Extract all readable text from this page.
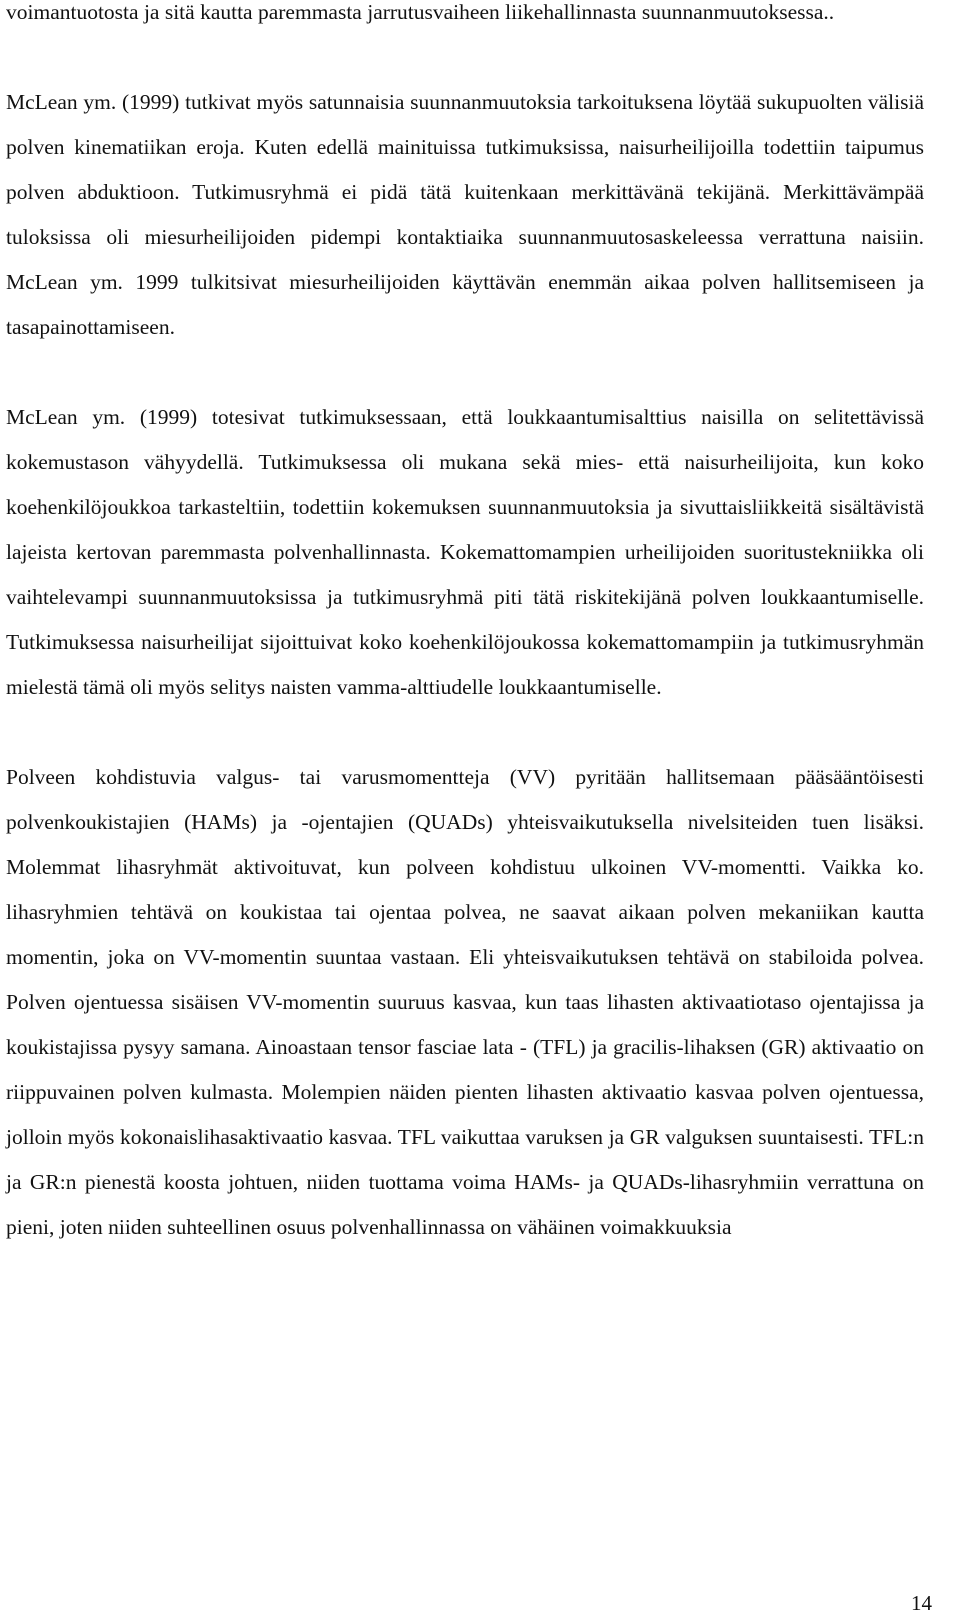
voimantuotosta ja sitä kautta paremmasta jarrutusvaiheen liikehallinnasta suunnanmuutoksessa..

McLean ym. (1999) tutkivat myös satunnaisia suunnanmuutoksia tarkoituksena löytää sukupuolten välisiä polven kinematiikan eroja. Kuten edellä mainituissa tutkimuksissa, naisurheilijoilla todettiin taipumus polven abduktioon. Tutkimusryhmä ei pidä tätä kuitenkaan merkittävänä tekijänä. Merkittävämpää tuloksissa oli miesurheilijoiden pidempi kontaktiaika suunnanmuutosaskeleessa verrattuna naisiin. McLean ym. 1999 tulkitsivat miesurheilijoiden käyttävän enemmän aikaa polven hallitsemiseen ja tasapainottamiseen.

McLean ym. (1999) totesivat tutkimuksessaan, että loukkaantumisalttius naisilla on selitettävissä kokemustason vähyydellä. Tutkimuksessa oli mukana sekä mies- että naisurheilijoita, kun koko koehenkilöjoukkoa tarkasteltiin, todettiin kokemuksen suunnanmuutoksia ja sivuttaisliikkeitä sisältävistä lajeista kertovan paremmasta polvenhallinnasta. Kokemattomampien urheilijoiden suoritustekniikka oli vaihtelevampi suunnanmuutoksissa ja tutkimusryhmä piti tätä riskitekijänä polven loukkaantumiselle. Tutkimuksessa naisurheilijat sijoittuivat koko koehenkilöjoukossa kokemattomampiin ja tutkimusryhmän mielestä tämä oli myös selitys naisten vamma-alttiudelle loukkaantumiselle.

Polveen kohdistuvia valgus- tai varusmomentteja (VV) pyritään hallitsemaan pääsääntöisesti polvenkoukistajien (HAMs) ja -ojentajien (QUADs) yhteisvaikutuksella nivelsiteiden tuen lisäksi. Molemmat lihasryhmät aktivoituvat, kun polveen kohdistuu ulkoinen VV-momentti. Vaikka ko. lihasryhmien tehtävä on koukistaa tai ojentaa polvea, ne saavat aikaan polven mekaniikan kautta momentin, joka on VV-momentin suuntaa vastaan. Eli yhteisvaikutuksen tehtävä on stabiloida polvea. Polven ojentuessa sisäisen VV-momentin suuruus kasvaa, kun taas lihasten aktivaatiotaso ojentajissa ja koukistajissa pysyy samana. Ainoastaan tensor fasciae lata - (TFL) ja gracilis-lihaksen (GR) aktivaatio on riippuvainen polven kulmasta. Molempien näiden pienten lihasten aktivaatio kasvaa polven ojentuessa, jolloin myös kokonaislihasaktivaatio kasvaa. TFL vaikuttaa varuksen ja GR valguksen suuntaisesti. TFL:n ja GR:n pienestä koosta johtuen, niiden tuottama voima HAMs- ja QUADs-lihasryhmiin verrattuna on pieni, joten niiden suhteellinen osuus polvenhallinnassa on vähäinen voimakkuuksia

14
